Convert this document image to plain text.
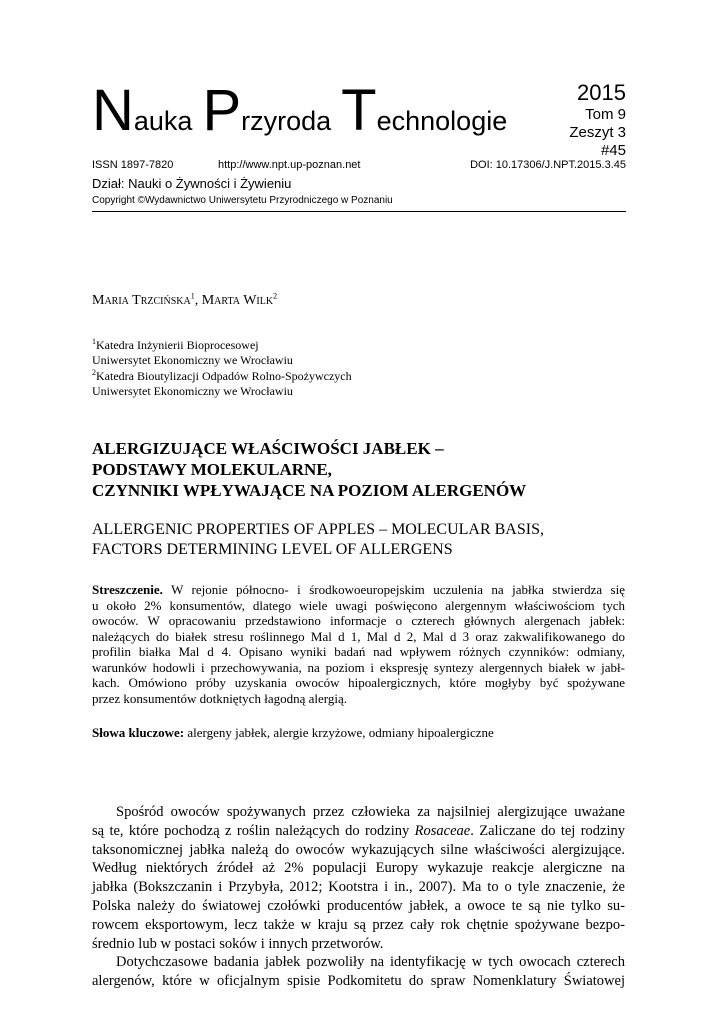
Nauka Przyroda Technologie
2015
Tom 9
Zeszyt 3
#45
ISSN 1897-7820	http://www.npt.up-poznan.net	DOI: 10.17306/J.NPT.2015.3.45
Dział: Nauki o Żywności i Żywieniu
Copyright ©Wydawnictwo Uniwersytetu Przyrodniczego w Poznaniu
Maria Trzcińska$^1$, Marta Wilk$^2$
$^1$Katedra Inżynierii Bioprocesowej
Uniwersytet Ekonomiczny we Wrocławiu
$^2$Katedra Bioutylizacji Odpadów Rolno-Spożywczych
Uniwersytet Ekonomiczny we Wrocławiu
ALERGIZUJĄCE WŁAŚCIWOŚCI JABŁEK –
PODSTAWY MOLEKULARNE,
CZYNNIKI WPŁYWAJĄCE NA POZIOM ALERGENÓW
ALLERGENIC PROPERTIES OF APPLES – MOLECULAR BASIS,
FACTORS DETERMINING LEVEL OF ALLERGENS
Streszczenie. W rejonie północno- i środkowoeuropejskim uczulenia na jabłka stwierdza się
u około 2% konsumentów, dlatego wiele uwagi poświęcono alergennym właściwościom tych
owoców. W opracowaniu przedstawiono informacje o czterech głównych alergenach jabłek:
należących do białek stresu roślinnego Mal d 1, Mal d 2, Mal d 3 oraz zakwalifikowanego do
profilin białka Mal d 4. Opisano wyniki badań nad wpływem różnych czynników: odmiany,
warunków hodowli i przechowywania, na poziom i ekspresję syntezy alergennych białek w jabł-
kach. Omówiono próby uzyskania owoców hipoalergicznych, które mogłyby być spożywane
przez konsumentów dotkniętych łagodną alergią.
Słowa kluczowe: alergeny jabłek, alergie krzyżowe, odmiany hipoalergiczne
Spośród owoców spożywanych przez człowieka za najsilniej alergizujące uważane
są te, które pochodzą z roślin należących do rodziny Rosaceae. Zaliczane do tej rodziny
taksonomicznej jabłka należą do owoców wykazujących silne właściwości alergizujące.
Według niektórych źródeł aż 2% populacji Europy wykazuje reakcje alergiczne na
jabłka (Bokszczanin i Przybyła, 2012; Kootstra i in., 2007). Ma to o tyle znaczenie, że
Polska należy do światowej czołówki producentów jabłek, a owoce te są nie tylko su-
rowcem eksportowym, lecz także w kraju są przez cały rok chętnie spożywane bezpo-
średnio lub w postaci soków i innych przetworów.
Dotychczasowe badania jabłek pozwoliły na identyfikację w tych owocach czterech
alergenów, które w oficjalnym spisie Podkomitetu do spraw Nomenklatury Światowej
